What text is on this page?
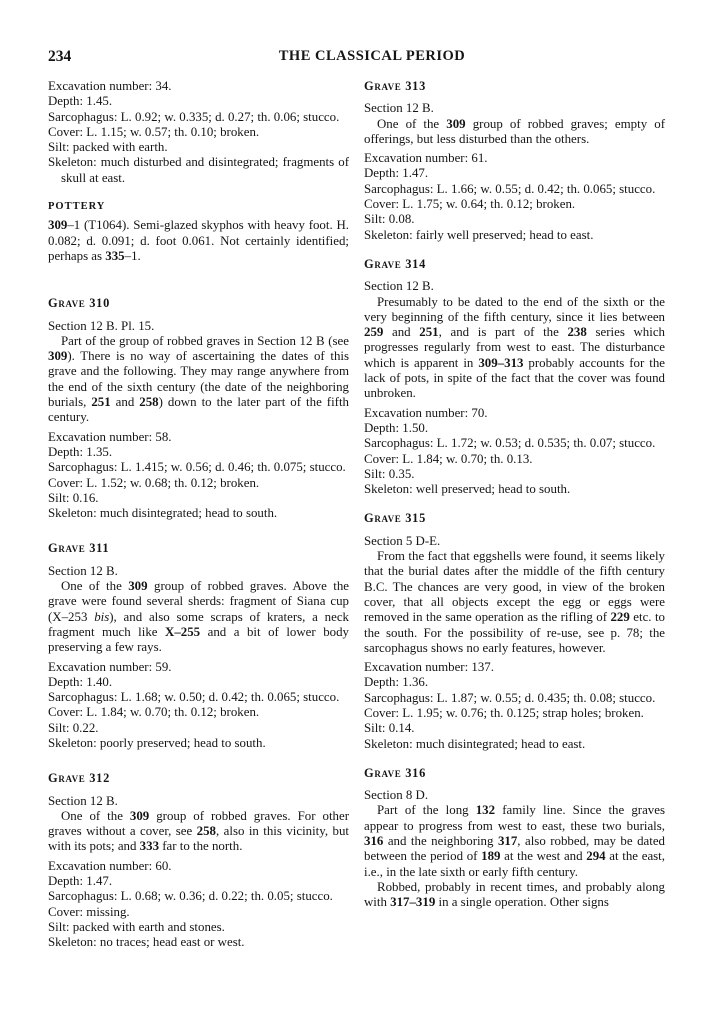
234	THE CLASSICAL PERIOD
Excavation number: 34.
Depth: 1.45.
Sarcophagus: L. 0.92; w. 0.335; d. 0.27; th. 0.06; stucco.
Cover: L. 1.15; w. 0.57; th. 0.10; broken.
Silt: packed with earth.
Skeleton: much disturbed and disintegrated; fragments of skull at east.
POTTERY
309–1 (T1064). Semi-glazed skyphos with heavy foot. H. 0.082; d. 0.091; d. foot 0.061. Not certainly identified; perhaps as 335–1.
Grave 310
Section 12 B. Pl. 15.
Part of the group of robbed graves in Section 12 B (see 309). There is no way of ascertaining the dates of this grave and the following. They may range anywhere from the end of the sixth century (the date of the neighboring burials, 251 and 258) down to the later part of the fifth century.
Excavation number: 58.
Depth: 1.35.
Sarcophagus: L. 1.415; w. 0.56; d. 0.46; th. 0.075; stucco.
Cover: L. 1.52; w. 0.68; th. 0.12; broken.
Silt: 0.16.
Skeleton: much disintegrated; head to south.
Grave 311
Section 12 B.
One of the 309 group of robbed graves. Above the grave were found several sherds: fragment of Siana cup (X–253 bis), and also some scraps of kraters, a neck fragment much like X–255 and a bit of lower body preserving a few rays.
Excavation number: 59.
Depth: 1.40.
Sarcophagus: L. 1.68; w. 0.50; d. 0.42; th. 0.065; stucco.
Cover: L. 1.84; w. 0.70; th. 0.12; broken.
Silt: 0.22.
Skeleton: poorly preserved; head to south.
Grave 312
Section 12 B.
One of the 309 group of robbed graves. For other graves without a cover, see 258, also in this vicinity, but with its pots; and 333 far to the north.
Excavation number: 60.
Depth: 1.47.
Sarcophagus: L. 0.68; w. 0.36; d. 0.22; th. 0.05; stucco.
Cover: missing.
Silt: packed with earth and stones.
Skeleton: no traces; head east or west.
Grave 313
Section 12 B.
One of the 309 group of robbed graves; empty of offerings, but less disturbed than the others.
Excavation number: 61.
Depth: 1.47.
Sarcophagus: L. 1.66; w. 0.55; d. 0.42; th. 0.065; stucco.
Cover: L. 1.75; w. 0.64; th. 0.12; broken.
Silt: 0.08.
Skeleton: fairly well preserved; head to east.
Grave 314
Section 12 B.
Presumably to be dated to the end of the sixth or the very beginning of the fifth century, since it lies between 259 and 251, and is part of the 238 series which progresses regularly from west to east. The disturbance which is apparent in 309–313 probably accounts for the lack of pots, in spite of the fact that the cover was found unbroken.
Excavation number: 70.
Depth: 1.50.
Sarcophagus: L. 1.72; w. 0.53; d. 0.535; th. 0.07; stucco.
Cover: L. 1.84; w. 0.70; th. 0.13.
Silt: 0.35.
Skeleton: well preserved; head to south.
Grave 315
Section 5 D-E.
From the fact that eggshells were found, it seems likely that the burial dates after the middle of the fifth century B.C. The chances are very good, in view of the broken cover, that all objects except the egg or eggs were removed in the same operation as the rifling of 229 etc. to the south. For the possibility of re-use, see p. 78; the sarcophagus shows no early features, however.
Excavation number: 137.
Depth: 1.36.
Sarcophagus: L. 1.87; w. 0.55; d. 0.435; th. 0.08; stucco.
Cover: L. 1.95; w. 0.76; th. 0.125; strap holes; broken.
Silt: 0.14.
Skeleton: much disintegrated; head to east.
Grave 316
Section 8 D.
Part of the long 132 family line. Since the graves appear to progress from west to east, these two burials, 316 and the neighboring 317, also robbed, may be dated between the period of 189 at the west and 294 at the east, i.e., in the late sixth or early fifth century.
Robbed, probably in recent times, and probably along with 317–319 in a single operation. Other signs
